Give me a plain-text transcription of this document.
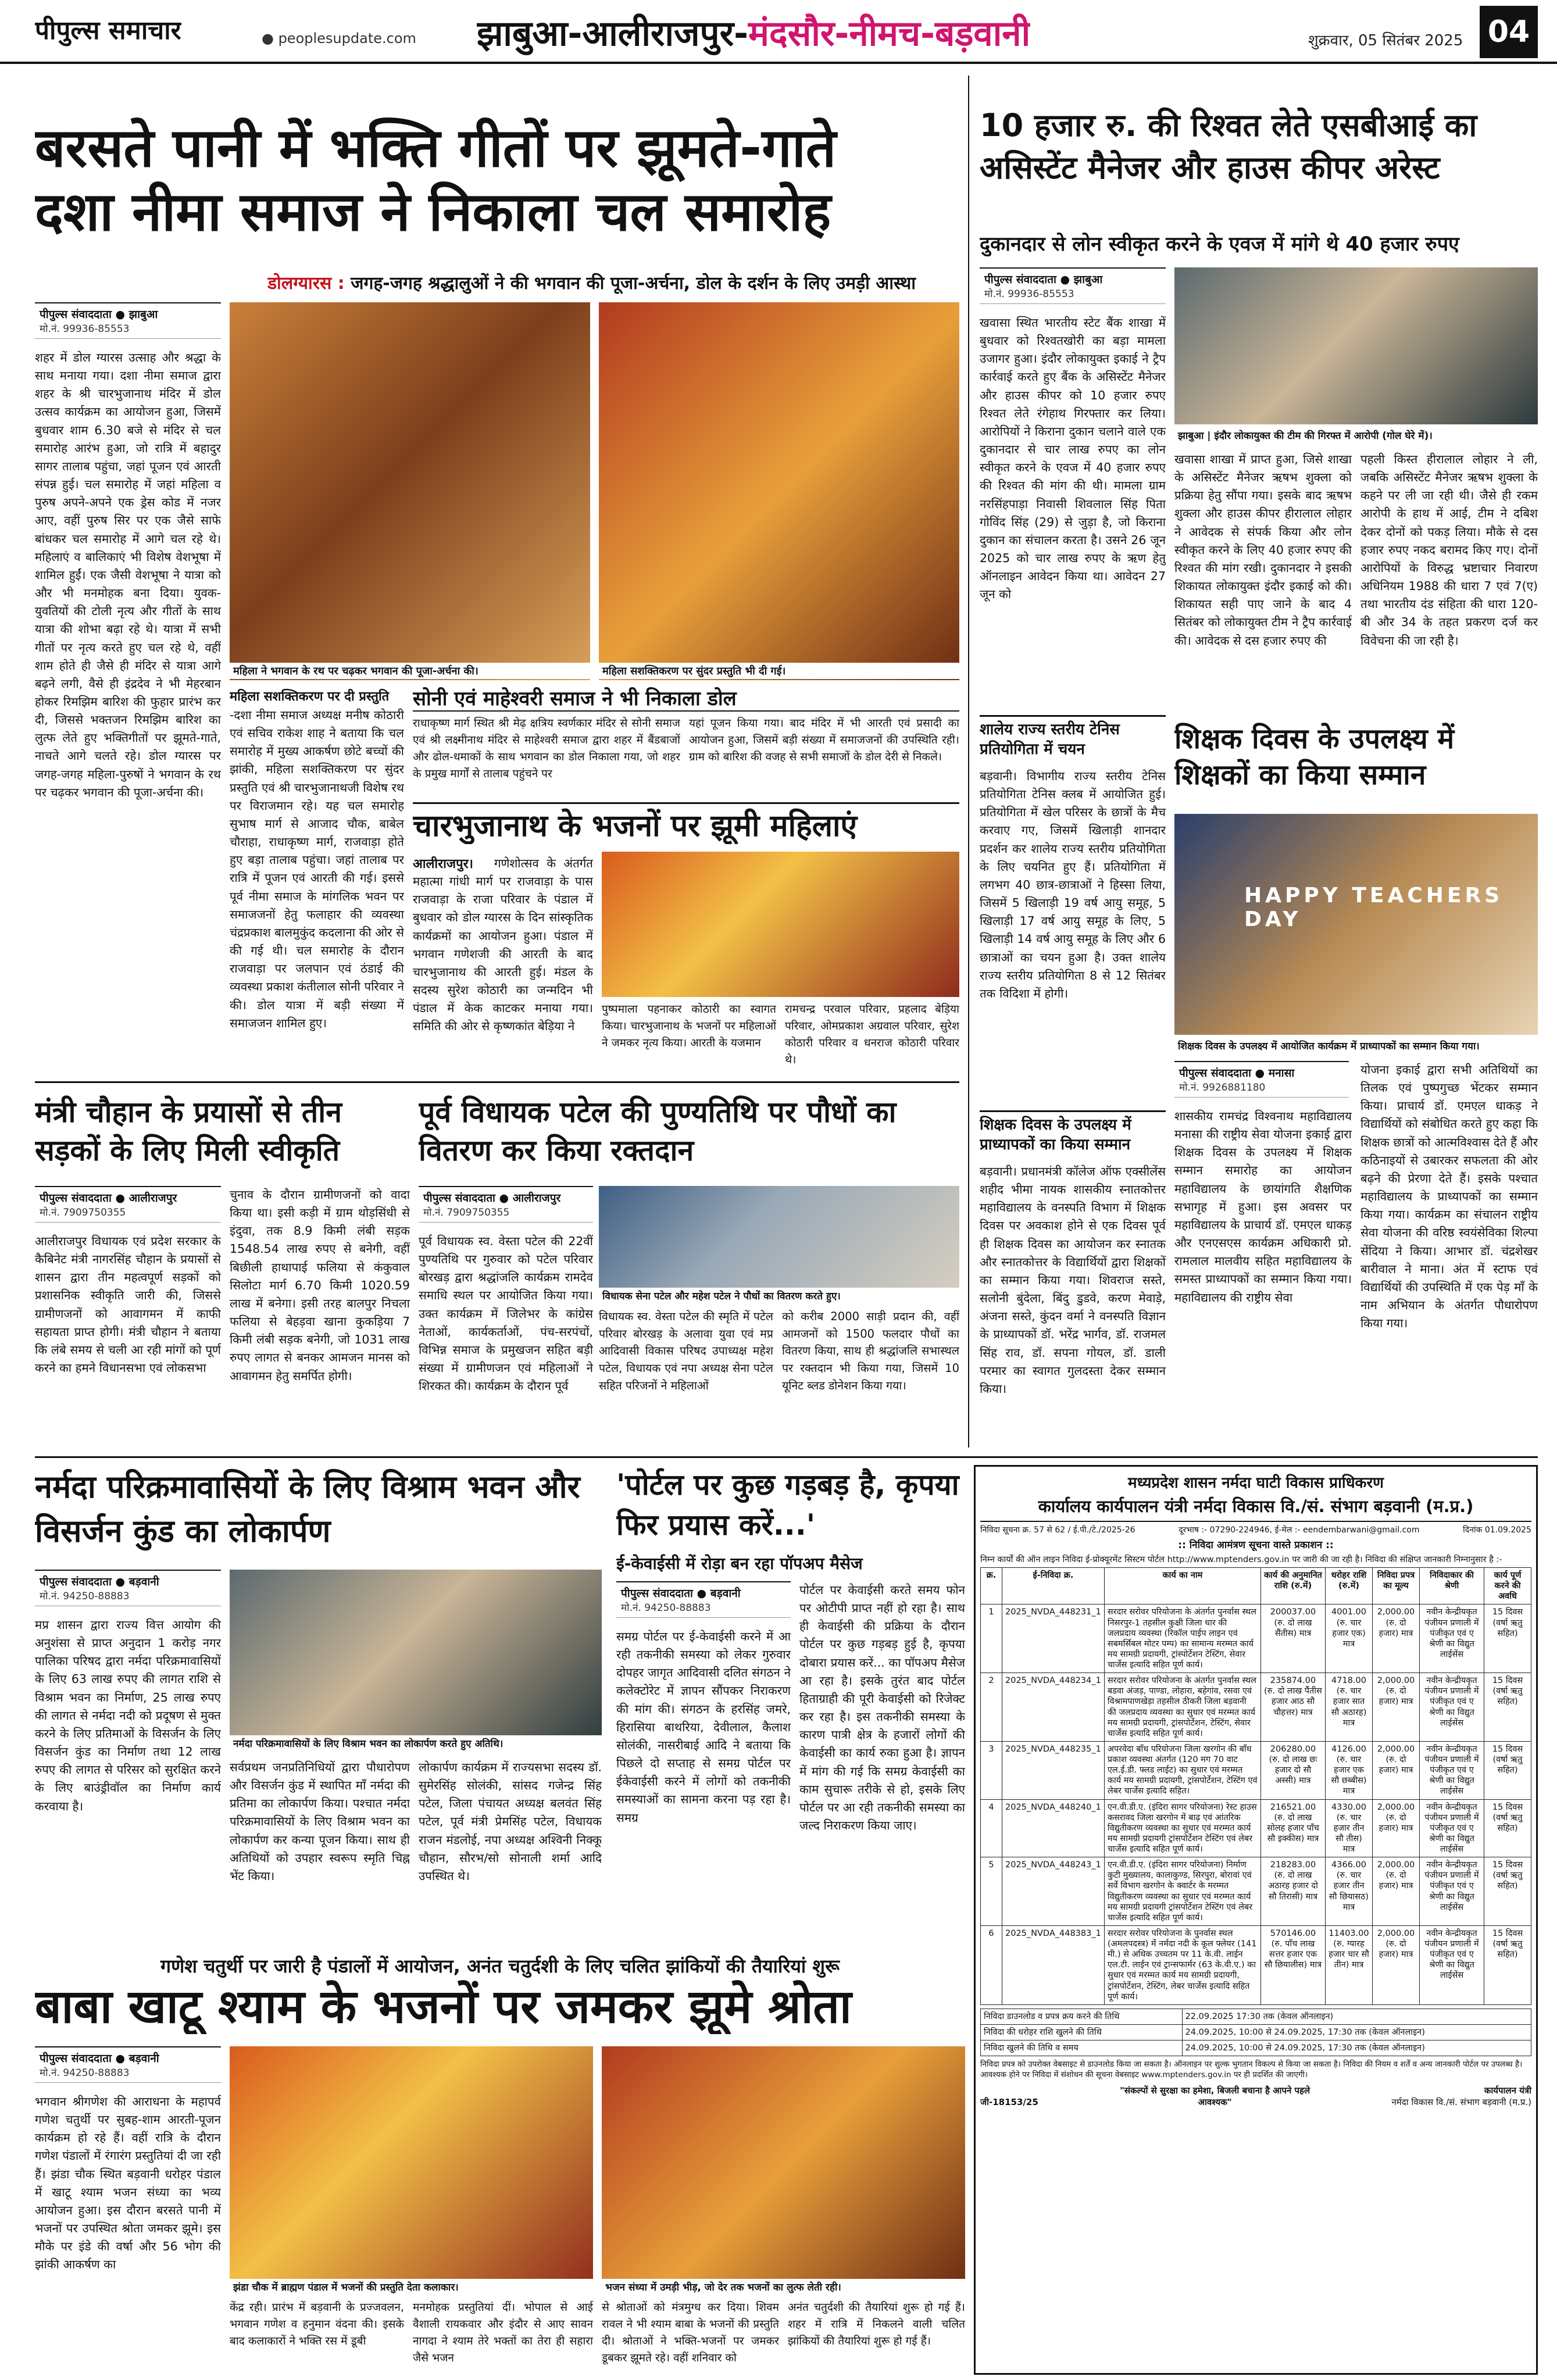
पीपुल्स समाचार	● peoplesupdate.com झाबुआ-आलीराजपुर-मंदसौर-नीमच-बड़वानी	शुक्रवार, 05 सितंबर 2025 04
बरसते पानी में भक्ति गीतों पर झूमते-गाते
दशा नीमा समाज ने निकाला चल समारोह
डोलग्यारस : जगह-जगह श्रद्धालुओं ने की भगवान की पूजा-अर्चना, डोल के दर्शन के लिए उमड़ी आस्था
पीपुल्स संवाददाता ● झाबुआ
मो.नं. 99936-85553
शहर में डोल ग्यारस उत्साह और श्रद्धा के साथ मनाया गया। दशा नीमा समाज द्वारा शहर के श्री चारभुजानाथ मंदिर में डोल उत्सव कार्यक्रम का आयोजन हुआ, जिसमें बुधवार शाम 6.30 बजे से मंदिर से चल समारोह आरंभ हुआ, जो रात्रि में बहादुर सागर तालाब पहुंचा, जहां पूजन एवं आरती संपन्न हुई। चल समारोह में जहां महिला व पुरुष अपने-अपने एक ड्रेस कोड में नजर आए, वहीं पुरुष सिर पर एक जैसे साफे बांधकर चल समारोह में आगे चल रहे थे। महिलाएं व बालिकाएं भी विशेष वेशभूषा में शामिल हुईं। एक जैसी वेशभूषा ने यात्रा को और भी मनमोहक बना दिया। युवक-युवतियों की टोली नृत्य और गीतों के साथ यात्रा की शोभा बढ़ा रहे थे। यात्रा में सभी गीतों पर नृत्य करते हुए चल रहे थे, वहीं शाम होते ही जैसे ही मंदिर से यात्रा आगे बढ़ने लगी, वैसे ही इंद्रदेव ने भी मेहरबान होकर रिमझिम बारिश की फुहार प्रारंभ कर दी, जिससे भक्तजन रिमझिम बारिश का लुत्फ लेते हुए भक्तिगीतों पर झूमते-गाते, नाचते आगे चलते रहे। डोल ग्यारस पर जगह-जगह महिला-पुरुषों ने भगवान के रथ पर चढ़कर भगवान की पूजा-अर्चना की।
महिला ने भगवान के रथ पर चढ़कर भगवान की पूजा-अर्चना की।	महिला सशक्तिकरण पर सुंदर प्रस्तुति भी दी गई।
महिला सशक्तिकरण पर दी प्रस्तुति
-दशा नीमा समाज अध्यक्ष मनीष कोठारी एवं सचिव राकेश शाह ने बताया कि चल समारोह में मुख्य आकर्षण छोटे बच्चों की झांकी, महिला सशक्तिकरण पर सुंदर प्रस्तुति एवं श्री चारभुजानाथजी विशेष रथ पर विराजमान रहे। यह चल समारोह सुभाष मार्ग से आजाद चौक, बाबेल चौराहा, राधाकृष्ण मार्ग, राजवाड़ा होते हुए बड़ा तालाब पहुंचा। जहां तालाब पर रात्रि में पूजन एवं आरती की गई। इससे पूर्व नीमा समाज के मांगलिक भवन पर समाजजनों हेतु फलाहार की व्यवस्था चंद्रप्रकाश बालमुकुंद कदलाना की ओर से की गई थी। चल समारोह के दौरान राजवाड़ा पर जलपान एवं ठंडाई की व्यवस्था प्रकाश कंतीलाल सोनी परिवार ने की। डोल यात्रा में बड़ी संख्या में समाजजन शामिल हुए।
सोनी एवं माहेश्वरी समाज ने भी निकाला डोल
राधाकृष्ण मार्ग स्थित श्री मेढ़ क्षत्रिय स्वर्णकार मंदिर से सोनी समाज एवं श्री लक्ष्मीनाथ मंदिर से माहेश्वरी समाज द्वारा शहर में बैंडबाजों और ढोल-धमाकों के साथ भगवान का डोल निकाला गया, जो शहर के प्रमुख मार्गों से तालाब पहुंचने पर
यहां पूजन किया गया। बाद मंदिर में भी आरती एवं प्रसादी का आयोजन हुआ, जिसमें बड़ी संख्या में समाजजनों की उपस्थिति रही। ग्राम को बारिश की वजह से सभी समाजों के डोल देरी से निकले।
चारभुजानाथ के भजनों पर झूमी महिलाएं
आलीराजपुर।	गणेशोत्सव के अंतर्गत महात्मा गांधी मार्ग पर राजवाड़ा के पास राजवाड़ा के राजा परिवार के पंडाल में बुधवार को डोल ग्यारस के दिन सांस्कृतिक कार्यक्रमों का आयोजन हुआ। पंडाल में भगवान गणेशजी की आरती के बाद चारभुजानाथ की आरती हुई। मंडल के सदस्य सुरेश कोठारी का जन्मदिन भी पंडाल में केक काटकर मनाया गया। समिति की ओर से कृष्णकांत बेड़िया ने
पुष्पमाला पहनाकर कोठारी का स्वागत किया। चारभुजानाथ के भजनों पर महिलाओं ने जमकर नृत्य किया। आरती के यजमान
रामचन्द्र परवाल परिवार, प्रहलाद बेड़िया परिवार, ओमप्रकाश अग्रवाल परिवार, सुरेश कोठारी परिवार व धनराज कोठारी परिवार थे।
10 हजार रु. की रिश्वत लेते एसबीआई का असिस्टेंट मैनेजर और हाउस कीपर अरेस्ट
दुकानदार से लोन स्वीकृत करने के एवज में मांगे थे 40 हजार रुपए
पीपुल्स संवाददाता ● झाबुआ
मो.नं. 99936-85553
खवासा स्थित भारतीय स्टेट बैंक शाखा में बुधवार को रिश्वतखोरी का बड़ा मामला उजागर हुआ। इंदौर लोकायुक्त इकाई ने ट्रैप कार्रवाई करते हुए बैंक के असिस्टेंट मैनेजर और हाउस कीपर को 10 हजार रुपए रिश्वत लेते रंगेहाथ गिरफ्तार कर लिया। आरोपियों ने किराना दुकान चलाने वाले एक दुकानदार से चार लाख रुपए का लोन स्वीकृत करने के एवज में 40 हजार रुपए की रिश्वत की मांग की थी। मामला ग्राम नरसिंहपाड़ा निवासी शिवलाल सिंह पिता गोविंद सिंह (29) से जुड़ा है, जो किराना दुकान का संचालन करता है। उसने 26 जून 2025 को चार लाख रुपए के ऋण हेतु ऑनलाइन आवेदन किया था। आवेदन 27 जून को
झाबुआ | इंदौर लोकायुक्त की टीम की गिरफ्त में आरोपी (गोल घेरे में)।
खवासा शाखा में प्राप्त हुआ, जिसे शाखा के असिस्टेंट मैनेजर ऋषभ शुक्ला को प्रक्रिया हेतु सौंपा गया। इसके बाद ऋषभ शुक्ला और हाउस कीपर हीरालाल लोहार ने आवेदक से संपर्क किया और लोन स्वीकृत करने के लिए 40 हजार रुपए की रिश्वत की मांग रखी। दुकानदार ने इसकी शिकायत लोकायुक्त इंदौर इकाई को की। शिकायत सही पाए जाने के बाद 4 सितंबर को लोकायुक्त टीम ने ट्रैप कार्रवाई की। आवेदक से दस हजार रुपए की
पहली किस्त हीरालाल लोहार ने ली, जबकि असिस्टेंट मैनेजर ऋषभ शुक्ला के कहने पर ली जा रही थी। जैसे ही रकम आरोपी के हाथ में आई, टीम ने दबिश देकर दोनों को पकड़ लिया। मौके से दस हजार रुपए नकद बरामद किए गए। दोनों आरोपियों के विरुद्ध भ्रष्टाचार निवारण अधिनियम 1988 की धारा 7 एवं 7(ए) तथा भारतीय दंड संहिता की धारा 120-बी और 34 के तहत प्रकरण दर्ज कर विवेचना की जा रही है।
शालेय राज्य स्तरीय टेनिस प्रतियोगिता में चयन
बड़वानी। विभागीय राज्य स्तरीय टेनिस प्रतियोगिता टेनिस क्लब में आयोजित हुई। प्रतियोगिता में खेल परिसर के छात्रों के मैच करवाए गए, जिसमें खिलाड़ी शानदार प्रदर्शन कर शालेय राज्य स्तरीय प्रतियोगिता के लिए चयनित हुए हैं। प्रतियोगिता में लगभग 40 छात्र-छात्राओं ने हिस्सा लिया, जिसमें 5 खिलाड़ी 19 वर्ष आयु समूह, 5 खिलाड़ी 17 वर्ष आयु समूह के लिए, 5 खिलाड़ी 14 वर्ष आयु समूह के लिए और 6 छात्राओं का चयन हुआ है। उक्त शालेय राज्य स्तरीय प्रतियोगिता 8 से 12 सितंबर तक विदिशा में होगी।
शिक्षक दिवस के उपलक्ष्य में शिक्षकों का किया सम्मान
HAPPY TEACHERS DAY
शिक्षक दिवस के उपलक्ष्य में आयोजित कार्यक्रम में प्राध्यापकों का सम्मान किया गया।
पीपुल्स संवाददाता ● मनासा
मो.नं. 9926881180
शासकीय रामचंद्र विश्वनाथ महाविद्यालय मनासा की राष्ट्रीय सेवा योजना इकाई द्वारा शिक्षक दिवस के उपलक्ष्य में शिक्षक सम्मान समारोह का आयोजन महाविद्यालय के छायांगति शैक्षणिक सभागृह में हुआ। इस अवसर पर महाविद्यालय के प्राचार्य डॉ. एमएल धाकड़ और एनएसएस कार्यक्रम अधिकारी प्रो. रामलाल मालवीय सहित महाविद्यालय के समस्त प्राध्यापकों का सम्मान किया गया। महाविद्यालय की राष्ट्रीय सेवा
योजना इकाई द्वारा सभी अतिथियों का तिलक एवं पुष्पगुच्छ भेंटकर सम्मान किया। प्राचार्य डॉ. एमएल धाकड़ ने विद्यार्थियों को संबोधित करते हुए कहा कि शिक्षक छात्रों को आत्मविश्वास देते हैं और कठिनाइयों से उबारकर सफलता की ओर बढ़ने की प्रेरणा देते हैं। इसके पश्चात महाविद्यालय के प्राध्यापकों का सम्मान किया गया। कार्यक्रम का संचालन राष्ट्रीय सेवा योजना की वरिष्ठ स्वयंसेविका शिल्पा सेंदिया ने किया। आभार डॉ. चंद्रशेखर बारीवाल ने माना। अंत में स्टाफ एवं विद्यार्थियों की उपस्थिति में एक पेड़ माँ के नाम अभियान के अंतर्गत पौधारोपण किया गया।
शिक्षक दिवस के उपलक्ष्य में प्राध्यापकों का किया सम्मान
बड़वानी। प्रधानमंत्री कॉलेज ऑफ एक्सीलेंस शहीद भीमा नायक शासकीय स्नातकोत्तर महाविद्यालय के वनस्पति विभाग में शिक्षक दिवस पर अवकाश होने से एक दिवस पूर्व ही शिक्षक दिवस का आयोजन कर स्नातक और स्नातकोत्तर के विद्यार्थियों द्वारा शिक्षकों का सम्मान किया गया। शिवराज सस्ते, सलोनी बुंदेला, बिंदु डुडवे, करण मेवाड़े, अंजना सस्ते, कुंदन वर्मा ने वनस्पति विज्ञान के प्राध्यापकों डॉ. भरेंद्र भार्गव, डॉ. राजमल सिंह राव, डॉ. सपना गोयल, डॉ. डाली परमार का स्वागत गुलदस्ता देकर सम्मान किया।
मंत्री चौहान के प्रयासों से तीन सड़कों के लिए मिली स्वीकृति
पीपुल्स संवाददाता ● आलीराजपुर
मो.नं. 7909750355
आलीराजपुर विधायक एवं प्रदेश सरकार के कैबिनेट मंत्री नागरसिंह चौहान के प्रयासों से शासन द्वारा तीन महत्वपूर्ण सड़कों को प्रशासनिक स्वीकृति जारी की, जिससे ग्रामीणजनों को आवागमन में काफी सहायता प्राप्त होगी। मंत्री चौहान ने बताया कि लंबे समय से चली आ रही मांगों को पूर्ण करने का हमने विधानसभा एवं लोकसभा
चुनाव के दौरान ग्रामीणजनों को वादा किया था। इसी कड़ी में ग्राम थोड़सिंधी से इंदुवा, तक 8.9 किमी लंबी सड़क 1548.54 लाख रुपए से बनेगी, वहीं बिछीली हाथापाई फलिया से कंकुवाल सिलोटा मार्ग 6.70 किमी 1020.59 लाख में बनेगा। इसी तरह बालपुर निचला फलिया से बेहड़वा खाना कुकड़िया 7 किमी लंबी सड़क बनेगी, जो 1031 लाख रुपए लागत से बनकर आमजन मानस को आवागमन हेतु समर्पित होगी।
पूर्व विधायक पटेल की पुण्यतिथि पर पौधों का वितरण कर किया रक्तदान
पीपुल्स संवाददाता ● आलीराजपुर
मो.नं. 7909750355
विधायक सेना पटेल और महेश पटेल ने पौधों का वितरण करते हुए।
पूर्व विधायक स्व. वेस्ता पटेल की 22वीं पुण्यतिथि पर गुरुवार को पटेल परिवार बोरखड़ द्वारा श्रद्धांजलि कार्यक्रम रामदेव समाधि स्थल पर आयोजित किया गया। उक्त कार्यक्रम में जिलेभर के कांग्रेस नेताओं, कार्यकर्ताओं, पंच-सरपंचों, विभिन्न समाज के प्रमुखजन सहित बड़ी संख्या में ग्रामीणजन एवं महिलाओं ने शिरकत की। कार्यक्रम के दौरान पूर्व
विधायक स्व. वेस्ता पटेल की स्मृति में पटेल परिवार बोरखड़ के अलावा युवा एवं मप्र आदिवासी विकास परिषद उपाध्यक्ष महेश पटेल, विधायक एवं नपा अध्यक्ष सेना पटेल सहित परिजनों ने महिलाओं
को करीब 2000 साड़ी प्रदान की, वहीं आमजनों को 1500 फलदार पौधों का वितरण किया, साथ ही श्रद्धांजलि सभास्थल पर रक्तदान भी किया गया, जिसमें 10 यूनिट ब्लड डोनेशन किया गया।
नर्मदा परिक्रमावासियों के लिए विश्राम भवन और विसर्जन कुंड का लोकार्पण
पीपुल्स संवाददाता ● बड़वानी
मो.नं. 94250-88883
मप्र शासन द्वारा राज्य वित्त आयोग की अनुशंसा से प्राप्त अनुदान 1 करोड़ नगर पालिका परिषद द्वारा नर्मदा परिक्रमावासियों के लिए 63 लाख रुपए की लागत राशि से विश्राम भवन का निर्माण, 25 लाख रुपए की लागत से नर्मदा नदी को प्रदूषण से मुक्त करने के लिए प्रतिमाओं के विसर्जन के लिए विसर्जन कुंड का निर्माण तथा 12 लाख रुपए की लागत से परिसर को सुरक्षित करने के लिए बाउंड्रीवॉल का निर्माण कार्य करवाया है।
नर्मदा परिक्रमावासियों के लिए विश्राम भवन का लोकार्पण करते हुए अतिथि।
सर्वप्रथम जनप्रतिनिधियों द्वारा पौधारोपण और विसर्जन कुंड में स्थापित माँ नर्मदा की प्रतिमा का लोकार्पण किया। पश्चात नर्मदा परिक्रमावासियों के लिए विश्राम भवन का लोकार्पण कर कन्या पूजन किया। साथ ही अतिथियों को उपहार स्वरूप स्मृति चिह्न भेंट किया।
लोकार्पण कार्यक्रम में राज्यसभा सदस्य डॉ. सुमेरसिंह सोलंकी, सांसद गजेन्द्र सिंह पटेल, जिला पंचायत अध्यक्ष बलवंत सिंह पटेल, पूर्व मंत्री प्रेमसिंह पटेल, विधायक राजन मंडलोई, नपा अध्यक्ष अश्विनी निक्कू चौहान, सौरभ/सो सोनाली शर्मा आदि उपस्थित थे।
'पोर्टल पर कुछ गड़बड़ है, कृपया फिर प्रयास करें...'
ई-केवाईसी में रोड़ा बन रहा पॉपअप मैसेज
पीपुल्स संवाददाता ● बड़वानी
मो.नं. 94250-88883
समग्र पोर्टल पर ई-केवाईसी करने में आ रही तकनीकी समस्या को लेकर गुरुवार दोपहर जागृत आदिवासी दलित संगठन ने कलेक्टोरेट में ज्ञापन सौंपकर निराकरण की मांग की। संगठन के हरसिंह जमरे, हिरासिया बाथरिया, देवीलाल, कैलाश सोलंकी, नासरीबाई आदि ने बताया कि पिछले दो सप्ताह से समग्र पोर्टल पर ईकेवाईसी करने में लोगों को तकनीकी समस्याओं का सामना करना पड़ रहा है। समग्र
पोर्टल पर केवाईसी करते समय फोन पर ओटीपी प्राप्त नहीं हो रहा है। साथ ही केवाईसी की प्रक्रिया के दौरान पोर्टल पर कुछ गड़बड़ हुई है, कृपया दोबारा प्रयास करें... का पॉपअप मैसेज आ रहा है। इसके तुरंत बाद पोर्टल हिताग्राही की पूरी केवाईसी को रिजेक्ट कर रहा है। इस तकनीकी समस्या के कारण पात्री क्षेत्र के हजारों लोगों की केवाईसी का कार्य रुका हुआ है। ज्ञापन में मांग की गई कि समग्र केवाईसी का काम सुचारू तरीके से हो, इसके लिए पोर्टल पर आ रही तकनीकी समस्या का जल्द निराकरण किया जाए।
गणेश चतुर्थी पर जारी है पंडालों में आयोजन, अनंत चतुर्दशी के लिए चलित झांकियों की तैयारियां शुरू
बाबा खाटू श्याम के भजनों पर जमकर झूमे श्रोता
पीपुल्स संवाददाता ● बड़वानी
मो.नं. 94250-88883
भगवान श्रीगणेश की आराधना के महापर्व गणेश चतुर्थी पर सुबह-शाम आरती-पूजन कार्यक्रम हो रहे हैं। वहीं रात्रि के दौरान गणेश पंडालों में रंगारंग प्रस्तुतियां दी जा रही हैं। झंडा चौक स्थित बड़वानी धरोहर पंडाल में खाटू श्याम भजन संध्या का भव्य आयोजन हुआ। इस दौरान बरसते पानी में भजनों पर उपस्थित श्रोता जमकर झूमे। इस मौके पर इंडे की वर्षा और 56 भोग की झांकी आकर्षण का
झंडा चौक में ब्राह्मण पंडाल में भजनों की प्रस्तुति देता कलाकार।	भजन संध्या में उमड़ी भीड़, जो देर तक भजनों का लुत्फ लेती रही।
केंद्र रही। प्रारंभ में बड़वानी के प्रज्जवलन, भगवान गणेश व हनुमान वंदना की। इसके बाद कलाकारों ने भक्ति रस में डूबी
मनमोहक प्रस्तुतियां दीं। भोपाल से आई वैशाली रायकवार और इंदौर से आए सावन नागदा ने श्याम तेरे भक्तों का तेरा ही सहारा जैसे भजन
से श्रोताओं को मंत्रमुग्ध कर दिया। शिवम रावल ने भी श्याम बाबा के भजनों की प्रस्तुति दी। श्रोताओं ने भक्ति-भजनों पर जमकर डूबकर झूमते रहे। वहीं शनिवार को
अनंत चतुर्दशी की तैयारियां शुरू हो गई हैं। शहर में रात्रि में निकलने वाली चलित झांकियों की तैयारियां शुरू हो गई हैं।
मध्यप्रदेश शासन नर्मदा घाटी विकास प्राधिकरण
कार्यालय कार्यपालन यंत्री नर्मदा विकास वि./सं. संभाग बड़वानी (म.प्र.)
निविदा सूचना क्र. 57 से 62 / ई.पी./टे./2025-26	दूरभाष :- 07290-224946, ई-मेल :- eendembarwani@gmail.com	दिनांक 01.09.2025
:: निविदा आमंत्रण सूचना वास्ते प्रकाशन ::
निम्न कार्यों की ऑन लाइन निविदा ई-प्रोक्यूरमेंट सिस्टम पोर्टल http://www.mptenders.gov.in पर जारी की जा रही है। निविदा की संक्षिप्त जानकारी निम्नानुसार है :-
क्र.	ई-निविदा क्र.	कार्य का नाम	कार्य की अनुमानित राशि (रु.में)	धरोहर राशि (रु.में)	निविदा प्रपत्र का मूल्य	निविदाकार की श्रेणी	कार्य पूर्ण करने की अवधि
1	2025_NVDA_448231_1	सरदार सरोवर परियोजना के अंतर्गत पुनर्वास स्थल निसरपुर-1 तहसील कुक्षी जिला धार की जलप्रदाय व्यवस्था (रिकॉल पाईप लाइन एवं सबमर्सिबल मोटर पम्प) का सामान्य मरम्मत कार्य मय सामग्री प्रदायगी, ट्रांस्पोर्टेशन टेस्टिंग, सेवार चार्जेस इत्यादि सहित पूर्ण कार्य।	200037.00 (रु. दो लाख सैंतीस) मात्र	4001.00 (रु. चार हजार एक) मात्र	2,000.00 (रु. दो हजार) मात्र	नवीन केन्द्रीयकृत पंजीयन प्रणाली में पंजीकृत एवं ए श्रेणी का विद्युत लाईसेंस	15 दिवस (वर्षा ऋतु सहित)
2	2025_NVDA_448234_1	सरदार सरोवर परियोजना के अंतर्गत पुनर्वास स्थल बडवा अंजड़, पाण्डा, लोहारा, बहेगांव, रसवा एवं विश्रामपाणखेड़ा तहसील ठीकरी जिला बड़वानी की जलप्रदाय व्यवस्था का सुधार एवं मरम्मत कार्य मय सामग्री प्रदायगी, ट्रांसपोर्टेशन, टेस्टिंग, सेवार चार्जेस इत्यादि सहित पूर्ण कार्य।	235874.00 (रु. दो लाख पैंतीस हजार आठ सौ चौहत्तर) मात्र	4718.00 (रु. चार हजार सात सौ अठारह) मात्र	2,000.00 (रु. दो हजार) मात्र	नवीन केन्द्रीयकृत पंजीयन प्रणाली में पंजीकृत एवं ए श्रेणी का विद्युत लाईसेंस	15 दिवस (वर्षा ऋतु सहित)
3	2025_NVDA_448235_1	अपरवेदा बाँध परियोजना जिला खरगोन की बाँध प्रकाश व्यवस्था अंतर्गत (120 मग 70 वाट एल.ई.डी. फ्लड लाईट) का सुधार एवं मरम्मत कार्य मय सामग्री प्रदायगी, ट्रांसपोर्टेशन, टेस्टिंग एवं लेबर चार्जेस इत्यादि सहित।	206280.00 (रु. दो लाख छः हजार दो सौ अस्सी) मात्र	4126.00 (रु. चार हजार एक सौ छब्बीस) मात्र	2,000.00 (रु. दो हजार) मात्र	नवीन केन्द्रीयकृत पंजीयन प्रणाली में पंजीकृत एवं ए श्रेणी का विद्युत लाईसेंस	15 दिवस (वर्षा ऋतु सहित)
4	2025_NVDA_448240_1	एन.वी.डी.ए. (इंदिरा सागर परियोजना) रेस्ट हाउस कसरावद जिला खरगोन में बाढ़ एवं आंतरिक विद्युतीकरण व्यवस्था का सुधार एवं मरम्मत कार्य मय सामग्री प्रदायगी ट्रांसपोर्टेशन टेस्टिंग एवं लेबर चार्जेस इत्यादि सहित पूर्ण कार्य।	216521.00 (रु. दो लाख सोलह हजार पाँच सौ इक्कीस) मात्र	4330.00 (रु. चार हजार तीन सौ तीस) मात्र	2,000.00 (रु. दो हजार) मात्र	नवीन केन्द्रीयकृत पंजीयन प्रणाली में पंजीकृत एवं ए श्रेणी का विद्युत लाईसेंस	15 दिवस (वर्षा ऋतु सहित)
5	2025_NVDA_448243_1	एन.वी.डी.ए. (इंदिरा सागर परियोजना) निर्माण कुटी मुख्यालय, कालाकुण्ड, सिरपुरा, बोरावां एवं सर्वे विभाग खरगोन के क्वार्टर के मरम्मत विद्युतीकरण व्यवस्था का सुधार एवं मरम्मत कार्य मय सामग्री प्रदायगी ट्रांसपोर्टेशन टेस्टिंग एवं लेबर चार्जेस इत्यादि सहित पूर्ण कार्य।	218283.00 (रु. दो लाख अठारह हजार दो सौ तिरासी) मात्र	4366.00 (रु. चार हजार तीन सौ छियासठ) मात्र	2,000.00 (रु. दो हजार) मात्र	नवीन केन्द्रीयकृत पंजीयन प्रणाली में पंजीकृत एवं ए श्रेणी का विद्युत लाईसेंस	15 दिवस (वर्षा ऋतु सहित)
6	2025_NVDA_448383_1	सरदार सरोवर परियोजना के पुनर्वास स्थल (अमलपदस्त्र) में नर्मदा नदी के कूल फ्लेयर (141 मी.) से अधिक उच्चतम पर 11 के.वी. लाईन एल.टी. लाईन एवं ट्रान्सफार्मर (63 के.वी.ए.) का सुधार एवं मरम्मत कार्य मय सामग्री प्रदायगी, ट्रांसपोर्टेशन, टेस्टिंग, लेबर चार्जेस इत्यादि सहित पूर्ण कार्य।	570146.00 (रु. पाँच लाख सत्तर हजार एक सौ छियालीस) मात्र	11403.00 (रु. ग्यारह हजार चार सौ तीन) मात्र	2,000.00 (रु. दो हजार) मात्र	नवीन केन्द्रीयकृत पंजीयन प्रणाली में पंजीकृत एवं ए श्रेणी का विद्युत लाईसेंस	15 दिवस (वर्षा ऋतु सहित)
निविदा डाउनलोड व प्रपत्र क्रय करने की तिथि	22.09.2025 17:30 तक (केवल ऑनलाइन)
निविदा की धरोहर राशि खुलने की तिथि	24.09.2025, 10:00 से 24.09.2025, 17:30 तक (केवल ऑनलाइन)
निविदा खुलने की तिथि व समय	24.09.2025, 10:00 से 24.09.2025, 17:30 तक (केवल ऑनलाइन)
निविदा प्रपत्र को उपरोक्त वेबसाइट से डाउनलोड किया जा सकता है। ऑनलाइन पर शुल्क भुगतान विकल्प से किया जा सकता है। निविदा की नियम व शर्तें व अन्य जानकारी पोर्टल पर उपलब्ध है। आवश्यक होने पर निविदा में संशोधन की सूचना वेबसाइट www.mptenders.gov.in पर ही प्रदर्शित की जाएगी।
जी-18153/25
"संकल्पों से सुरक्षा का हमेशा, बिजली बचाना है आपने पहले आवश्यक"
कार्यपालन यंत्री
नर्मदा विकास वि./सं. संभाग बड़वानी (म.प्र.)
